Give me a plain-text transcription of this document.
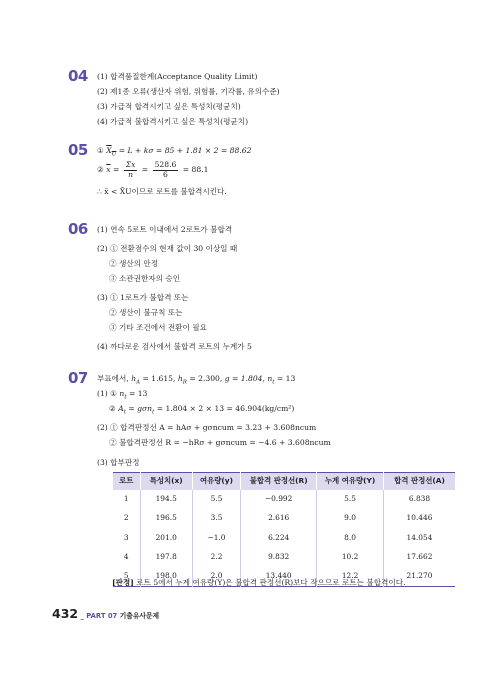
04 (1) 합격품질한계(Acceptance Quality Limit)
(2) 제1종 오류(생산자 위험, 위험률, 기각률, 유의수준)
(3) 가급적 합격시키고 싶은 특성치(평균치)
(4) 가급적 불합격시키고 싶은 특성치(평균치)
05 ① $X_U = L + k\sigma = 85 + 1.81 \times 2 = 88.62$
② $\overline{x} = \frac{\Sigma x}{n} = \frac{528.6}{6} = 88.1$
∴ x̄ < X̄U이므로 로트를 불합격시킨다.
06 (1) 연속 5로트 이내에서 2로트가 불합격
(2) ① 전환점수의 현재 값이 30 이상일 때
② 생산의 안정
③ 소관권한자의 승인
(3) ① 1로트가 불합격 또는
② 생산이 불규칙 또는
③ 기타 조건에서 전환이 필요
(4) 까다로운 검사에서 불합격 로트의 누계가 5
07 부표에서, $h_A = 1.615$, $h_R = 2.300$, g = 1.804, $n_t = 13$
(1) ① $n_t = 13$
② $A_t = g\sigma n_t = 1.804 \times 2 \times 13 = 46.904(kg/cm^2)$
(2) ① 합격판정선 A = hAσ + gσncum = 3.23 + 3.608ncum
② 불합격판정선 R = −hRσ + gσncum = −4.6 + 3.608ncum
(3) 합부판정
로트	특성치(x)	여유량(y)	불합격 판정선(R)	누계 여유량(Y)	합격 판정선(A)
1	194.5	5.5	−0.992	5.5	6.838
2	196.5	3.5	2.616	9.0	10.446
3	201.0	−1.0	6.224	8.0	14.054
4	197.8	2.2	9.832	10.2	17.662
5	198.0	2.0	13.440	12.2	21.270
[판정] 로트 5에서 누계 여유량(Y)은 불합격 판정선(R)보다 작으므로 로트는 불합격이다.
432 _ PART 07 기출유사문제
